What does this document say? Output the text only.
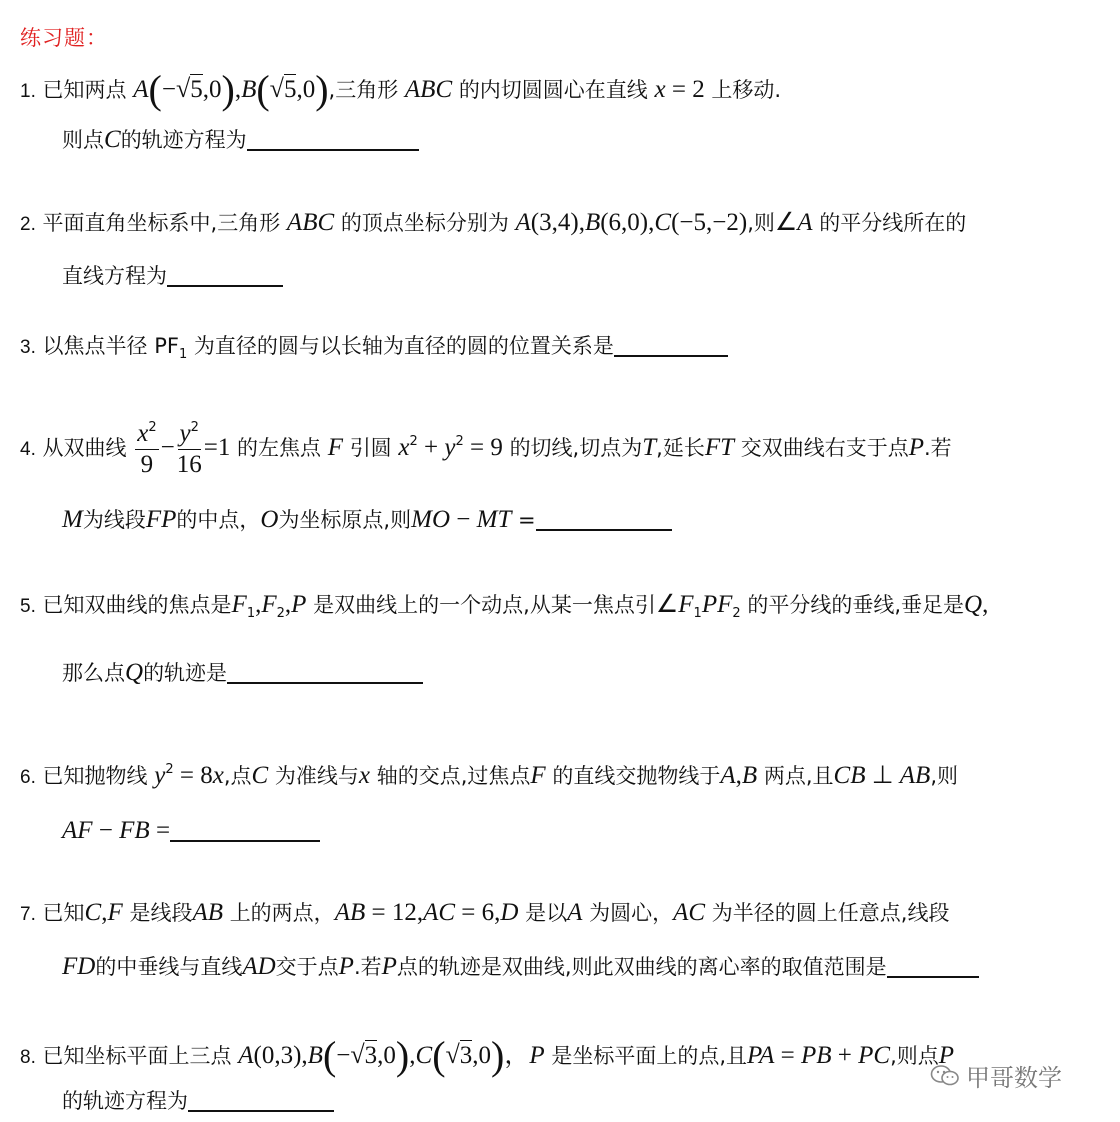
练习题：
1. 已知两点 A(−√5,0),B(√5,0),三角形 ABC 的内切圆圆心在直线 x = 2 上移动.
则点C的轨迹方程为
2. 平面直角坐标系中,三角形 ABC 的顶点坐标分别为 A(3,4),B(6,0),C(−5,−2),则∠A 的平分线所在的
直线方程为
3. 以焦点半径 $PF_1$ 为直径的圆与以长轴为直径的圆的位置关系是
4. 从双曲线 $\frac{x^2}{9} - \frac{y^2}{16} =1$ 的左焦点 F 引圆 $x^2 + y^2 = 9$ 的切线,切点为T,延长FT 交双曲线右支于点P.若
M为线段FP的中点，O为坐标原点,则MO − MT =
5. 已知双曲线的焦点是$F_1,F_2,P$ 是双曲线上的一个动点,从某一焦点引$\angle F_1PF_2$ 的平分线的垂线,垂足是Q,
那么点Q的轨迹是
6. 已知抛物线 $y^2 = 8x$,点C 为准线与x 轴的交点,过焦点F 的直线交抛物线于A,B 两点,且CB ⊥ AB,则
AF − FB =
7. 已知C,F 是线段AB 上的两点，AB = 12,AC = 6,D 是以A 为圆心，AC 为半径的圆上任意点,线段
FD的中垂线与直线AD交于点P.若P点的轨迹是双曲线,则此双曲线的离心率的取值范围是
8. 已知坐标平面上三点 A(0,3),B(−√3,0),C(√3,0)，P 是坐标平面上的点,且PA = PB + PC,则点P
的轨迹方程为
甲哥数学
